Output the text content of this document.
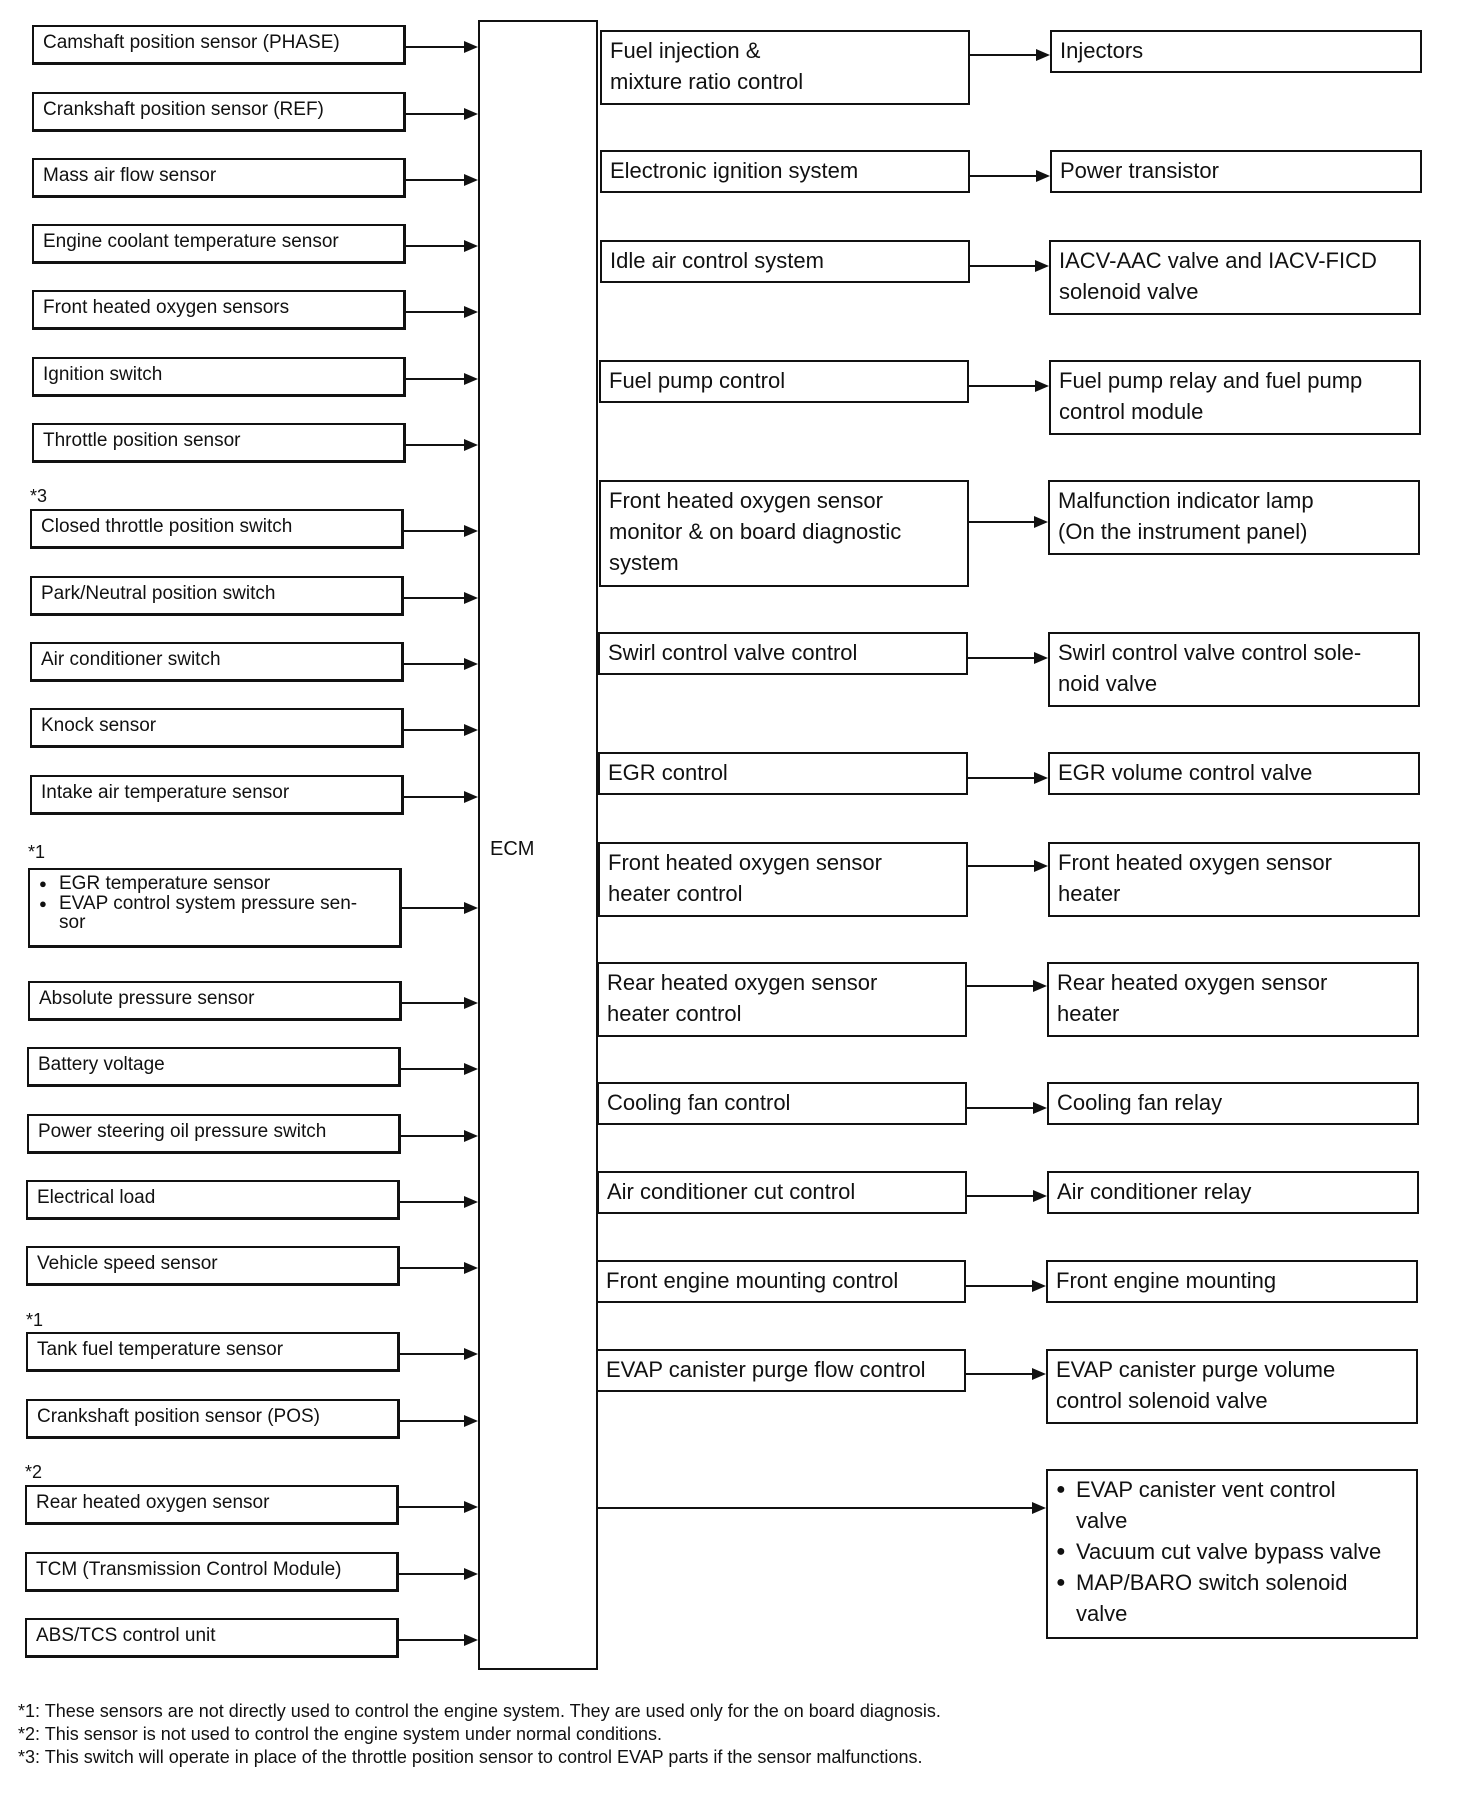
ECM
Camshaft position sensor (PHASE)
Crankshaft position sensor (REF)
Mass air flow sensor
Engine coolant temperature sensor
Front heated oxygen sensors
Ignition switch
Throttle position sensor
*3
Closed throttle position switch
Park/Neutral position switch
Air conditioner switch
Knock sensor
Intake air temperature sensor
*1
● EGR temperature sensor
● EVAP control system pressure sen-
sor
Absolute pressure sensor
Battery voltage
Power steering oil pressure switch
Electrical load
Vehicle speed sensor
*1
Tank fuel temperature sensor
Crankshaft position sensor (POS)
*2
Rear heated oxygen sensor
TCM (Transmission Control Module)
ABS/TCS control unit
Fuel injection &
mixture ratio control
Electronic ignition system
Idle air control system
Fuel pump control
Front heated oxygen sensor
monitor & on board diagnostic
system
Swirl control valve control
EGR control
Front heated oxygen sensor
heater control
Rear heated oxygen sensor
heater control
Cooling fan control
Air conditioner cut control
Front engine mounting control
EVAP canister purge flow control
Injectors
Power transistor
IACV-AAC valve and IACV-FICD
solenoid valve
Fuel pump relay and fuel pump
control module
Malfunction indicator lamp
(On the instrument panel)
Swirl control valve control sole-
noid valve
EGR volume control valve
Front heated oxygen sensor
heater
Rear heated oxygen sensor
heater
Cooling fan relay
Air conditioner relay
Front engine mounting
EVAP canister purge volume
control solenoid valve
● EVAP canister vent control
valve
● Vacuum cut valve bypass valve
● MAP/BARO switch solenoid
valve
*1: These sensors are not directly used to control the engine system. They are used only for the on board diagnosis.
*2: This sensor is not used to control the engine system under normal conditions.
*3: This switch will operate in place of the throttle position sensor to control EVAP parts if the sensor malfunctions.
